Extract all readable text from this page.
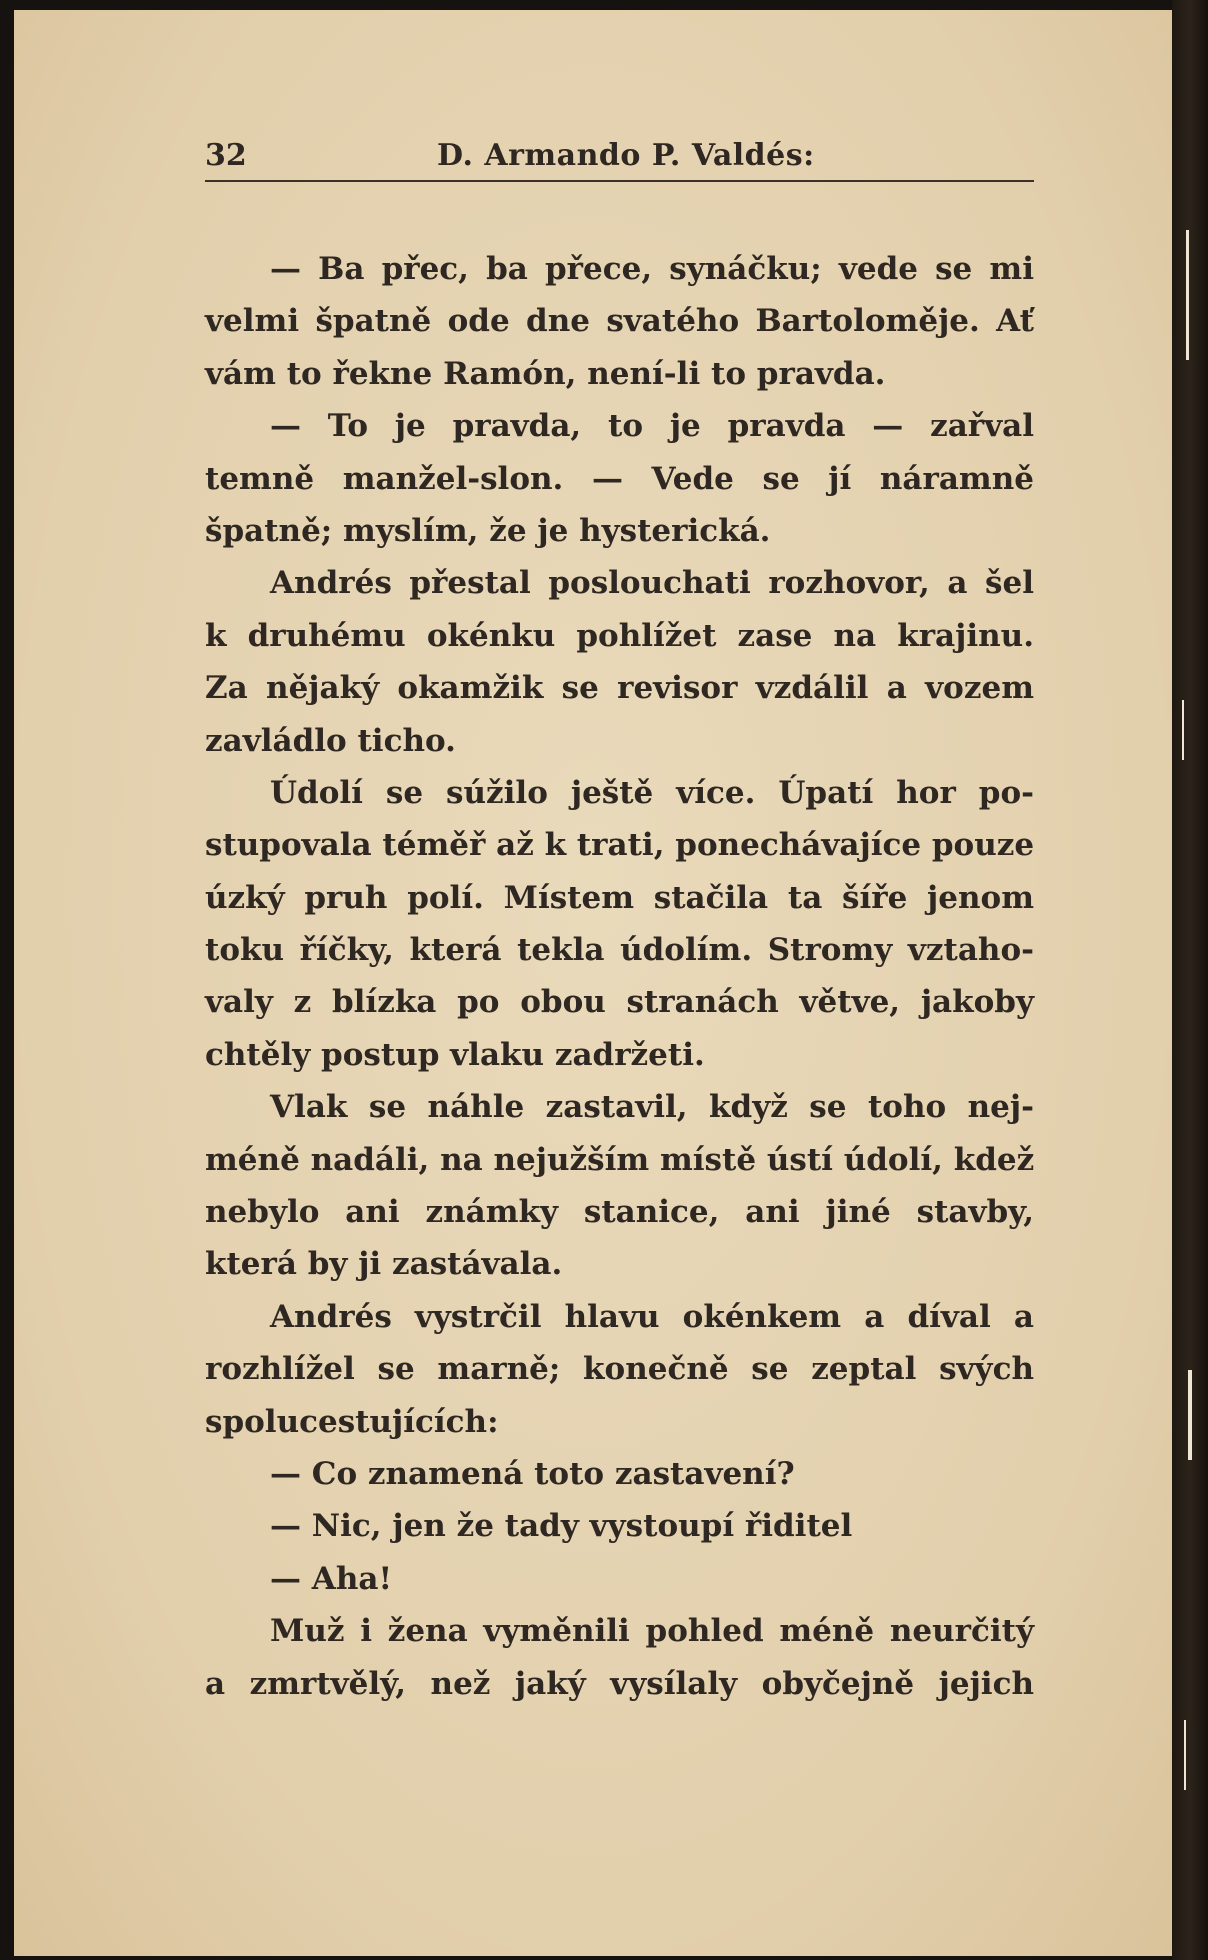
32	D. Armando P. Valdés:
— Ba přec, ba přece, synáčku; vede se mi
velmi špatně ode dne svatého Bartoloměje. Ať
vám to řekne Ramón, není-li to pravda.
— To je pravda, to je pravda — zařval
temně manžel-slon. — Vede se jí náramně
špatně; myslím, že je hysterická.
Andrés přestal poslouchati rozhovor, a šel
k druhému okénku pohlížet zase na krajinu.
Za nějaký okamžik se revisor vzdálil a vozem
zavládlo ticho.
Údolí se súžilo ještě více. Úpatí hor po-
stupovala téměř až k trati, ponechávajíce pouze
úzký pruh polí. Místem stačila ta šíře jenom
toku říčky, která tekla údolím. Stromy vztaho-
valy z blízka po obou stranách větve, jakoby
chtěly postup vlaku zadržeti.
Vlak se náhle zastavil, když se toho nej-
méně nadáli, na nejužším místě ústí údolí, kdež
nebylo ani známky stanice, ani jiné stavby,
která by ji zastávala.
Andrés vystrčil hlavu okénkem a díval a
rozhlížel se marně; konečně se zeptal svých
spolucestujících:
— Co znamená toto zastavení?
— Nic, jen že tady vystoupí řiditel
— Aha!
Muž i žena vyměnili pohled méně neurčitý
a zmrtvělý, než jaký vysílaly obyčejně jejich
